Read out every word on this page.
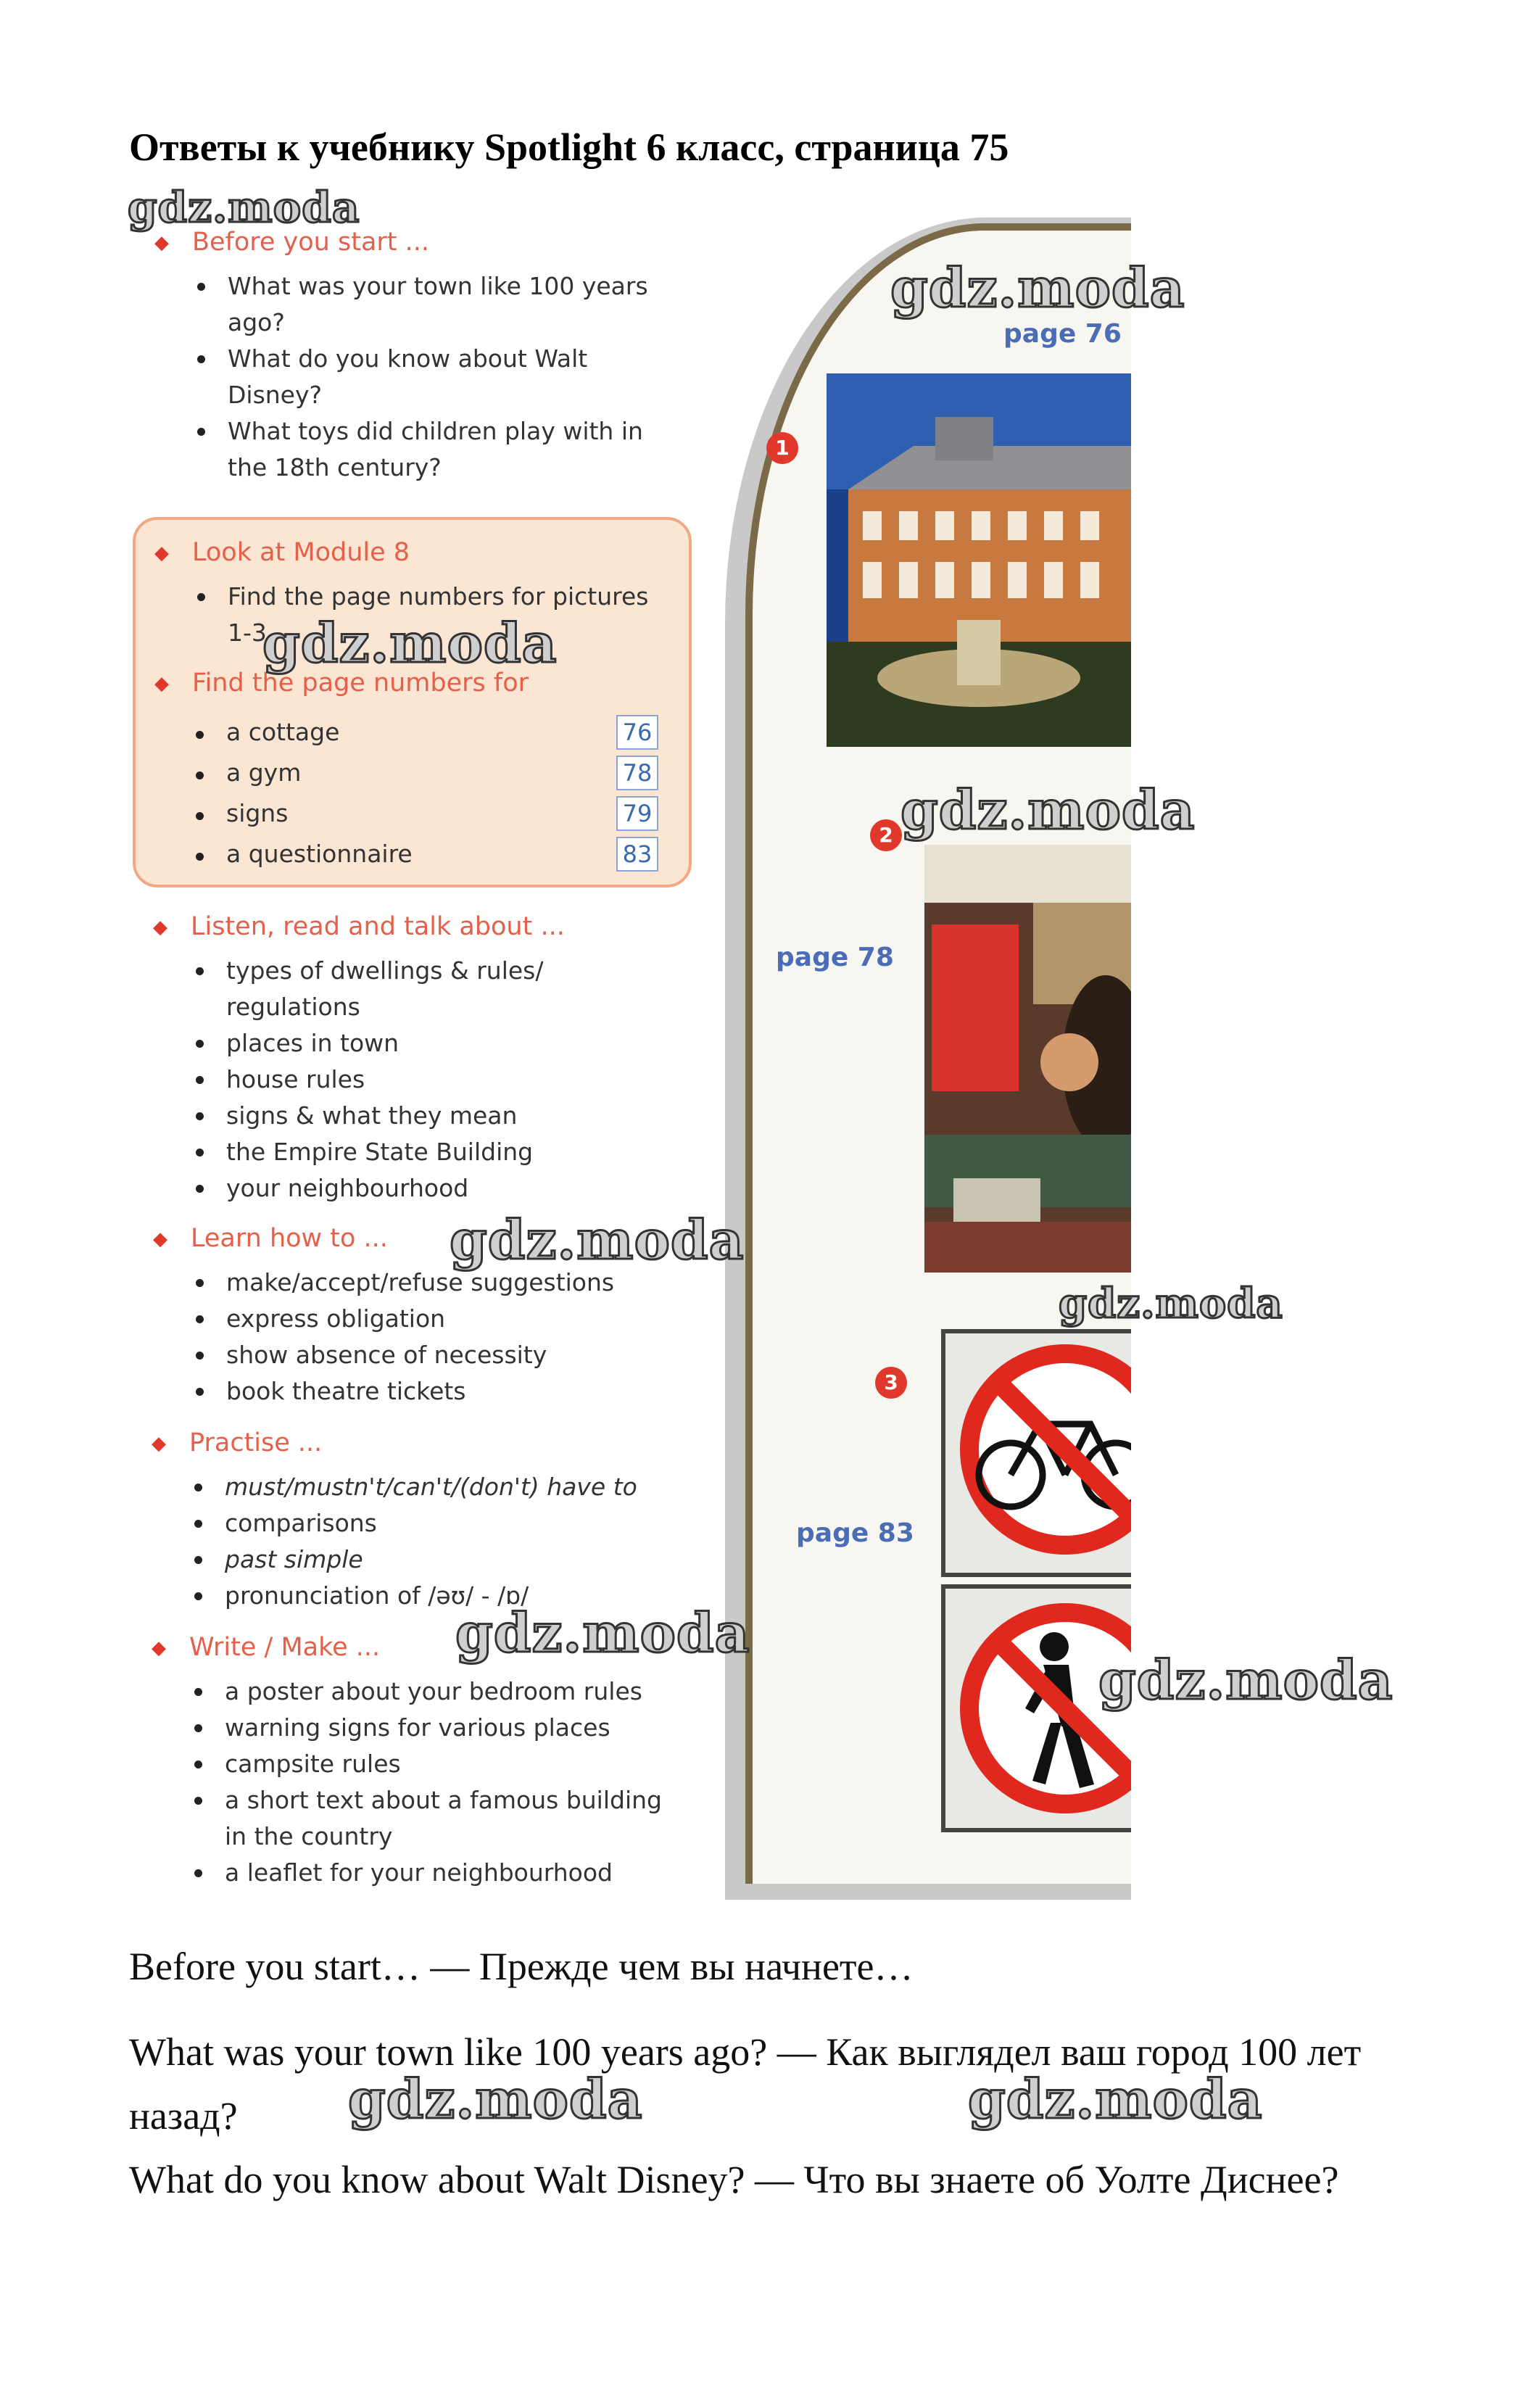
Ответы к учебнику Spotlight 6 класс, страница 75
◆ Before you start ...
What was your town like 100 years
ago?
What do you know about Walt
Disney?
What toys did children play with in
the 18th century?
◆ Look at Module 8
Find the page numbers for pictures
1-3.
◆ Find the page numbers for
a cottage	76
a gym	78
signs	79
a questionnaire	83
◆ Listen, read and talk about ...
types of dwellings & rules/
regulations
places in town
house rules
signs & what they mean
the Empire State Building
your neighbourhood
◆ Learn how to ...
make/accept/refuse suggestions
express obligation
show absence of necessity
book theatre tickets
◆ Practise ...
must/mustn't/can't/(don't) have to
comparisons
past simple
pronunciation of /əʊ/ - /ɒ/
◆ Write / Make ...
a poster about your bedroom rules
warning signs for various places
campsite rules
a short text about a famous building
in the country
a leaflet for your neighbourhood
page 76
1
2
page 78
3
page 83
Before you start… — Прежде чем вы начнете…
What was your town like 100 years ago? — Как выглядел ваш город 100 лет назад?
What do you know about Walt Disney? — Что вы знаете об Уолте Диснее?
gdz.moda
gdz.moda
gdz.moda
gdz.moda
gdz.moda
gdz.moda
gdz.moda
gdz.moda
gdz.moda	gdz.moda
